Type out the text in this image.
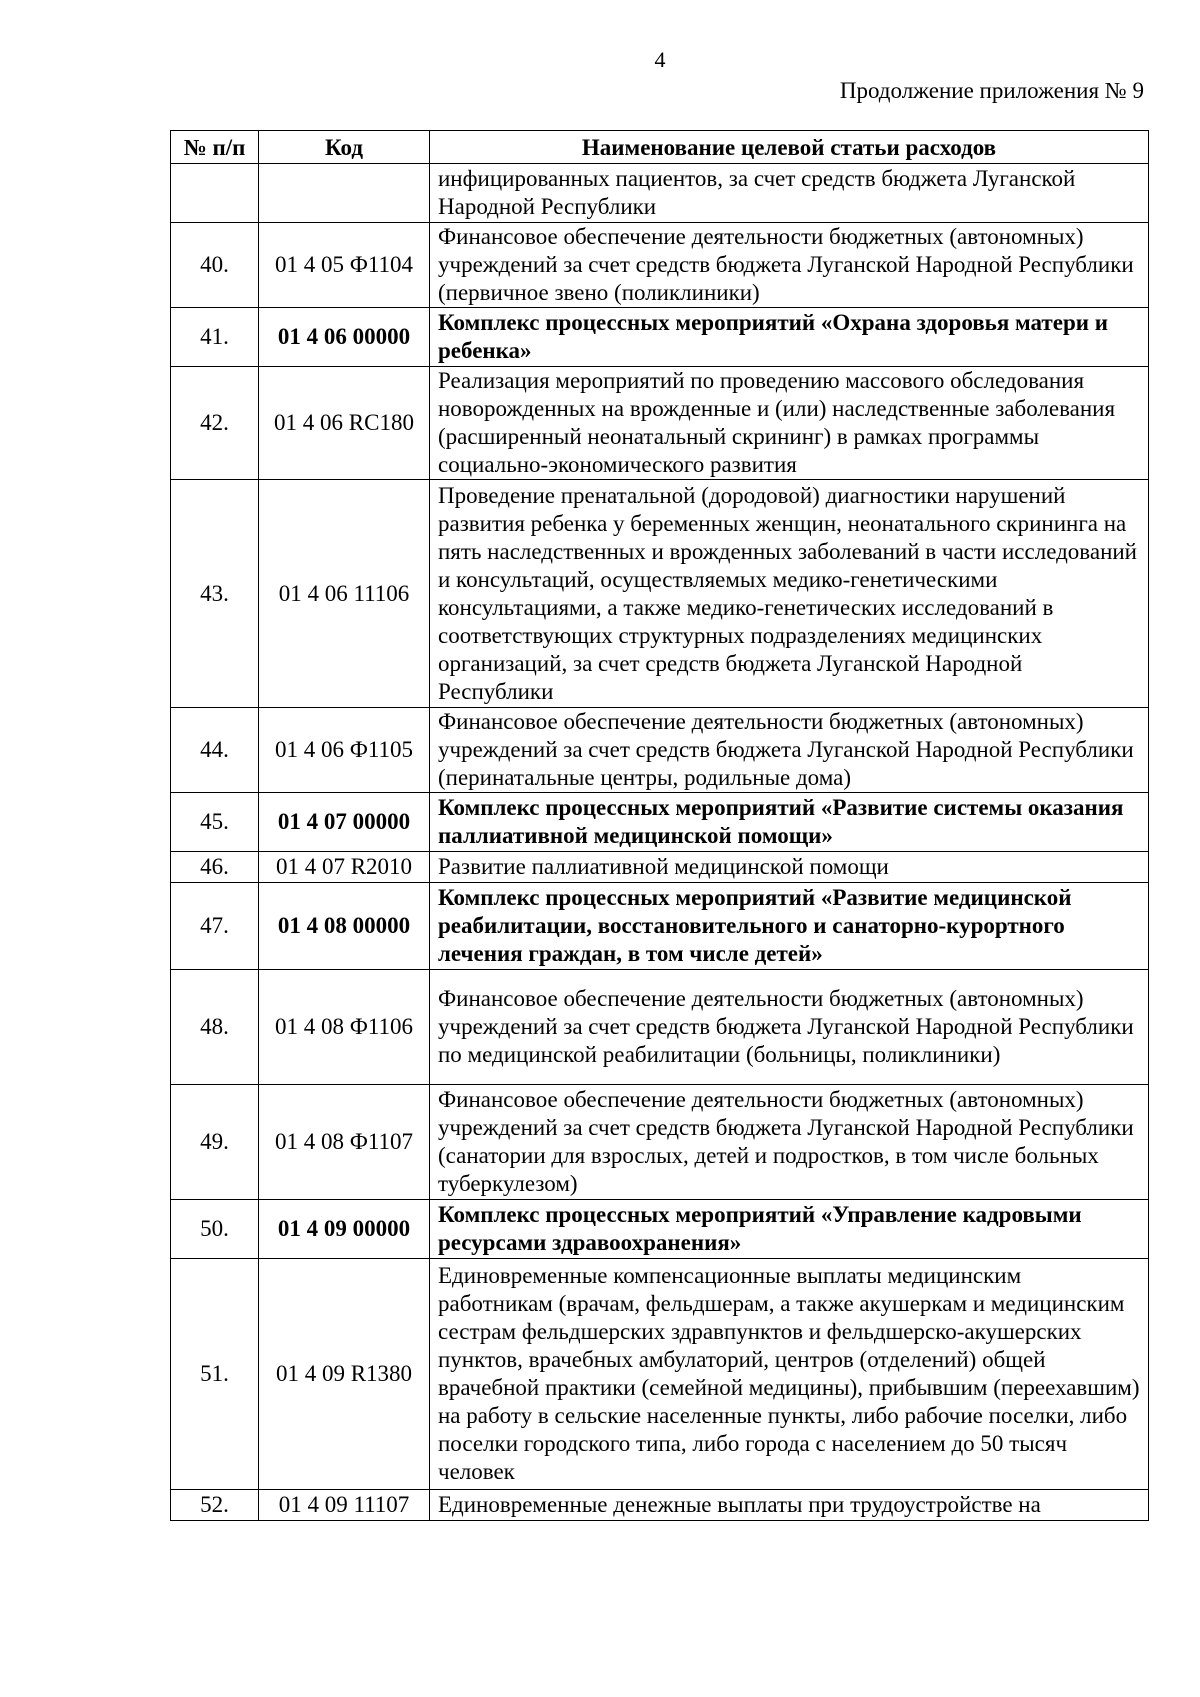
4
Продолжение приложения № 9
№ п/п	Код	Наименование целевой статьи расходов
		инфицированных пациентов, за счет средств бюджета Луганской Народной Республики
40.	01 4 05 Ф1104	Финансовое обеспечение деятельности бюджетных (автономных) учреждений за счет средств бюджета Луганской Народной Республики (первичное звено (поликлиники)
41.	01 4 06 00000	Комплекс процессных мероприятий «Охрана здоровья матери и ребенка»
42.	01 4 06 RC180	Реализация мероприятий по проведению массового обследования новорожденных на врожденные и (или) наследственные заболевания (расширенный неонатальный скрининг) в рамках программы социально-экономического развития
43.	01 4 06 11106	Проведение пренатальной (дородовой) диагностики нарушений развития ребенка у беременных женщин, неонатального скрининга на пять наследственных и врожденных заболеваний в части исследований и консультаций, осуществляемых медико-генетическими консультациями, а также медико-генетических исследований в соответствующих структурных подразделениях медицинских организаций, за счет средств бюджета Луганской Народной Республики
44.	01 4 06 Ф1105	Финансовое обеспечение деятельности бюджетных (автономных) учреждений за счет средств бюджета Луганской Народной Республики (перинатальные центры, родильные дома)
45.	01 4 07 00000	Комплекс процессных мероприятий «Развитие системы оказания паллиативной медицинской помощи»
46.	01 4 07 R2010	Развитие паллиативной медицинской помощи
47.	01 4 08 00000	Комплекс процессных мероприятий «Развитие медицинской реабилитации, восстановительного и санаторно-курортного лечения граждан, в том числе детей»
48.	01 4 08 Ф1106	Финансовое обеспечение деятельности бюджетных (автономных) учреждений за счет средств бюджета Луганской Народной Республики по медицинской реабилитации (больницы, поликлиники)
49.	01 4 08 Ф1107	Финансовое обеспечение деятельности бюджетных (автономных) учреждений за счет средств бюджета Луганской Народной Республики (санатории для взрослых, детей и подростков, в том числе больных туберкулезом)
50.	01 4 09 00000	Комплекс процессных мероприятий «Управление кадровыми ресурсами здравоохранения»
51.	01 4 09 R1380	Единовременные компенсационные выплаты медицинским работникам (врачам, фельдшерам, а также акушеркам и медицинским сестрам фельдшерских здравпунктов и фельдшерско-акушерских пунктов, врачебных амбулаторий, центров (отделений) общей врачебной практики (семейной медицины), прибывшим (переехавшим) на работу в сельские населенные пункты, либо рабочие поселки, либо поселки городского типа, либо города с населением до 50 тысяч человек
52.	01 4 09 11107	Единовременные денежные выплаты при трудоустройстве на
